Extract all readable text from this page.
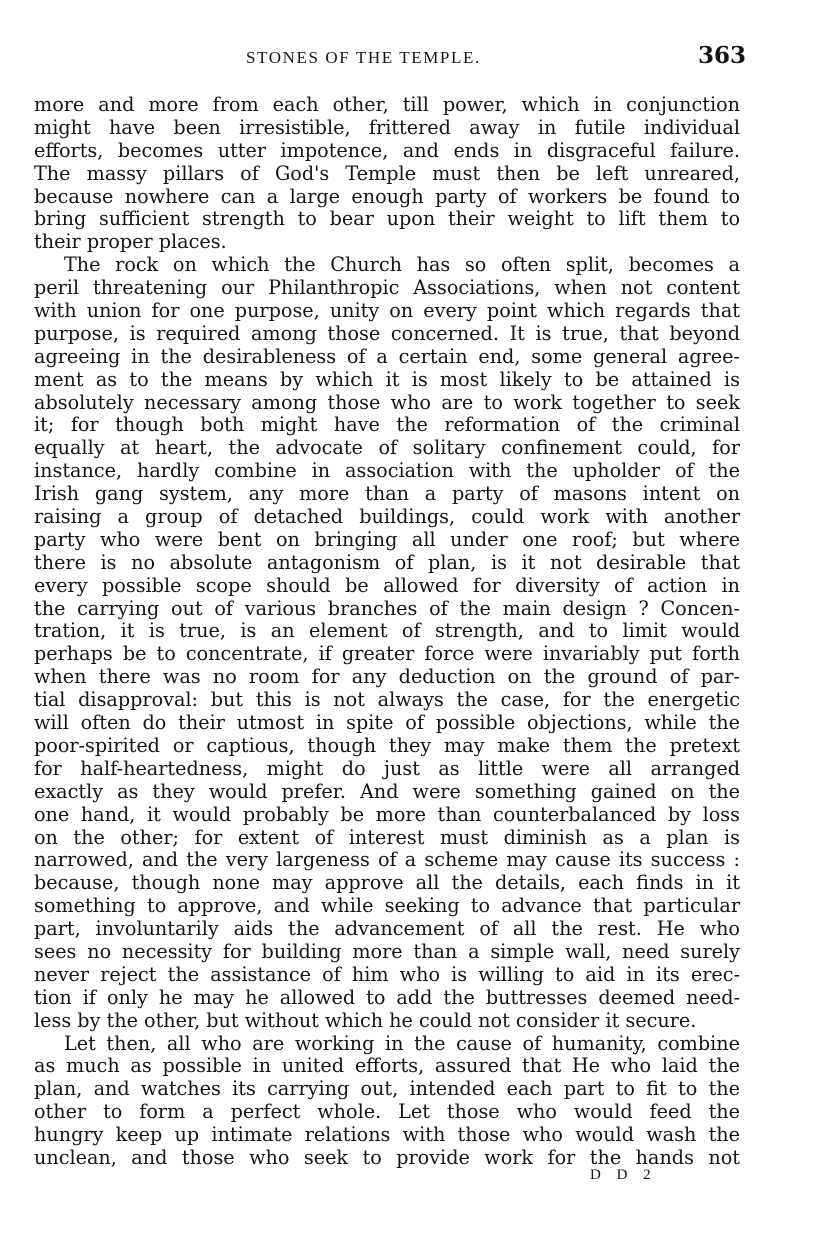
STONES OF THE TEMPLE.	363
more and more from each other, till power, which in conjunction
might have been irresistible, frittered away in futile individual
efforts, becomes utter impotence, and ends in disgraceful failure.
The massy pillars of God's Temple must then be left unreared,
because nowhere can a large enough party of workers be found to
bring sufficient strength to bear upon their weight to lift them to
their proper places.
The rock on which the Church has so often split, becomes a
peril threatening our Philanthropic Associations, when not content
with union for one purpose, unity on every point which regards that
purpose, is required among those concerned. It is true, that beyond
agreeing in the desirableness of a certain end, some general agree-
ment as to the means by which it is most likely to be attained is
absolutely necessary among those who are to work together to seek
it; for though both might have the reformation of the criminal
equally at heart, the advocate of solitary confinement could, for
instance, hardly combine in association with the upholder of the
Irish gang system, any more than a party of masons intent on
raising a group of detached buildings, could work with another
party who were bent on bringing all under one roof; but where
there is no absolute antagonism of plan, is it not desirable that
every possible scope should be allowed for diversity of action in
the carrying out of various branches of the main design ? Concen-
tration, it is true, is an element of strength, and to limit would
perhaps be to concentrate, if greater force were invariably put forth
when there was no room for any deduction on the ground of par-
tial disapproval: but this is not always the case, for the energetic
will often do their utmost in spite of possible objections, while the
poor-spirited or captious, though they may make them the pretext
for half-heartedness, might do just as little were all arranged
exactly as they would prefer. And were something gained on the
one hand, it would probably be more than counterbalanced by loss
on the other; for extent of interest must diminish as a plan is
narrowed, and the very largeness of a scheme may cause its success :
because, though none may approve all the details, each finds in it
something to approve, and while seeking to advance that particular
part, involuntarily aids the advancement of all the rest. He who
sees no necessity for building more than a simple wall, need surely
never reject the assistance of him who is willing to aid in its erec-
tion if only he may he allowed to add the buttresses deemed need-
less by the other, but without which he could not consider it secure.
Let then, all who are working in the cause of humanity, combine
as much as possible in united efforts, assured that He who laid the
plan, and watches its carrying out, intended each part to fit to the
other to form a perfect whole. Let those who would feed the
hungry keep up intimate relations with those who would wash the
unclean, and those who seek to provide work for the hands not
D D 2
